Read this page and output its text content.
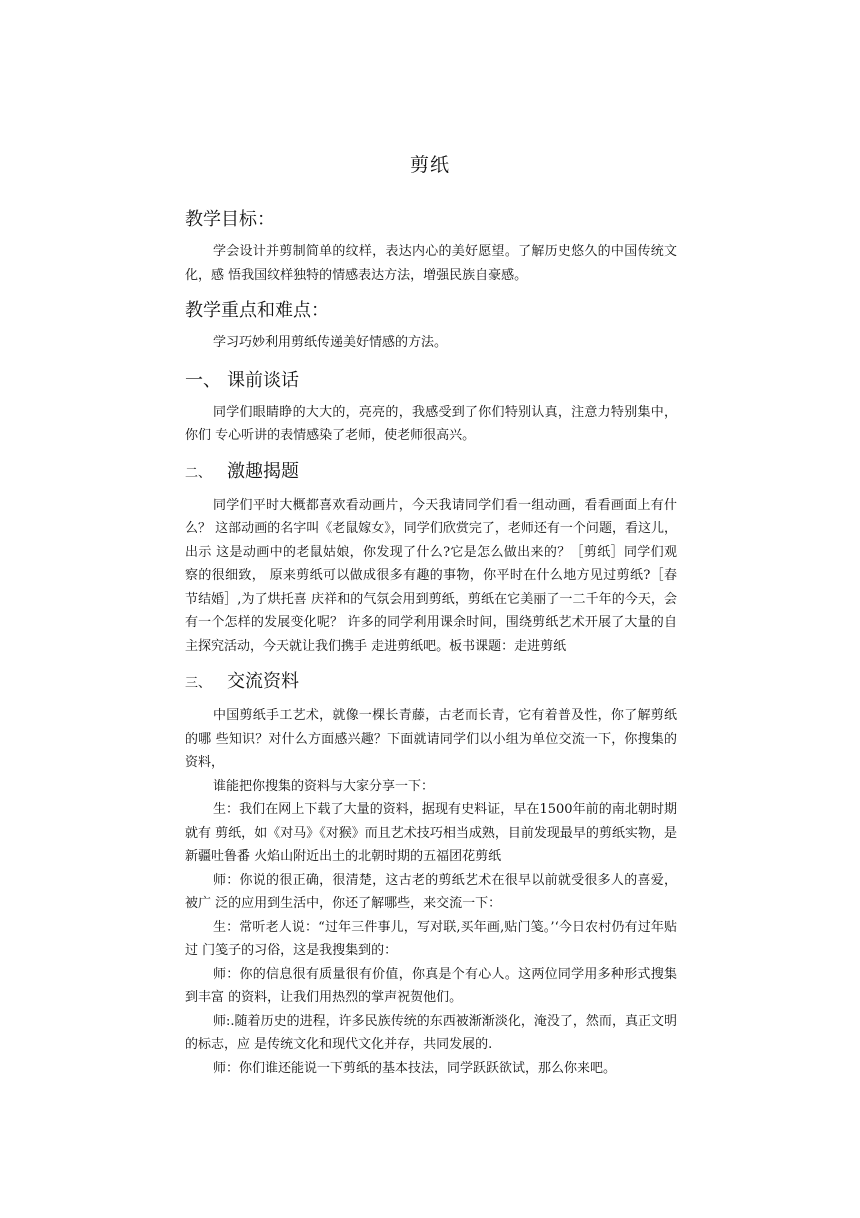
剪纸
教学目标：

学会设计并剪制简单的纹样，表达内心的美好愿望。了解历史悠久的中国传统文化，感 悟我国纹样独特的情感表达方法，增强民族自豪感。

教学重点和难点：

学习巧妙利用剪纸传递美好情感的方法。

一、 课前谈话

同学们眼睛睁的大大的，亮亮的，我感受到了你们特别认真，注意力特别集中，你们 专心听讲的表情感染了老师，使老师很高兴。

二、 激趣揭题

同学们平时大概都喜欢看动画片，今天我请同学们看一组动画，看看画面上有什么？ 这部动画的名字叫《老鼠嫁女》，同学们欣赏完了，老师还有一个问题，看这儿，出示 这是动画中的老鼠姑娘，你发现了什么?它是怎么做出来的？［剪纸］同学们观察的很细致， 原来剪纸可以做成很多有趣的事物，你平时在什么地方见过剪纸?［春节结婚］,为了烘托喜 庆祥和的气氛会用到剪纸，剪纸在它美丽了一二千年的今天，会有一个怎样的发展变化呢？ 许多的同学利用课余时间，围绕剪纸艺术开展了大量的自主探究活动，今天就让我们携手 走进剪纸吧。板书课题：走进剪纸

三、 交流资料

中国剪纸手工艺术，就像一棵长青藤，古老而长青，它有着普及性，你了解剪纸的哪 些知识？对什么方面感兴趣？下面就请同学们以小组为单位交流一下，你搜集的资料，

谁能把你搜集的资料与大家分享一下：

生：我们在网上下载了大量的资料，据现有史料证，早在1500年前的南北朝时期就有 剪纸，如《对马》《对猴》而且艺术技巧相当成熟，目前发现最早的剪纸实物，是新疆吐鲁番 火焰山附近出土的北朝时期的五福团花剪纸

师：你说的很正确，很清楚，这古老的剪纸艺术在很早以前就受很多人的喜爱，被广 泛的应用到生活中，你还了解哪些，来交流一下：

生：常听老人说：“过年三件事儿，写对联,买年画,贴门笺。’‘今日农村仍有过年贴过 门笺子的习俗，这是我搜集到的：

师：你的信息很有质量很有价值，你真是个有心人。这两位同学用多种形式搜集到丰富 的资料，让我们用热烈的掌声祝贺他们。

师:.随着历史的进程，许多民族传统的东西被渐渐淡化，淹没了，然而，真正文明的标志，应 是传统文化和现代文化并存，共同发展的.

师：你们谁还能说一下剪纸的基本技法，同学跃跃欲试，那么你来吧。
